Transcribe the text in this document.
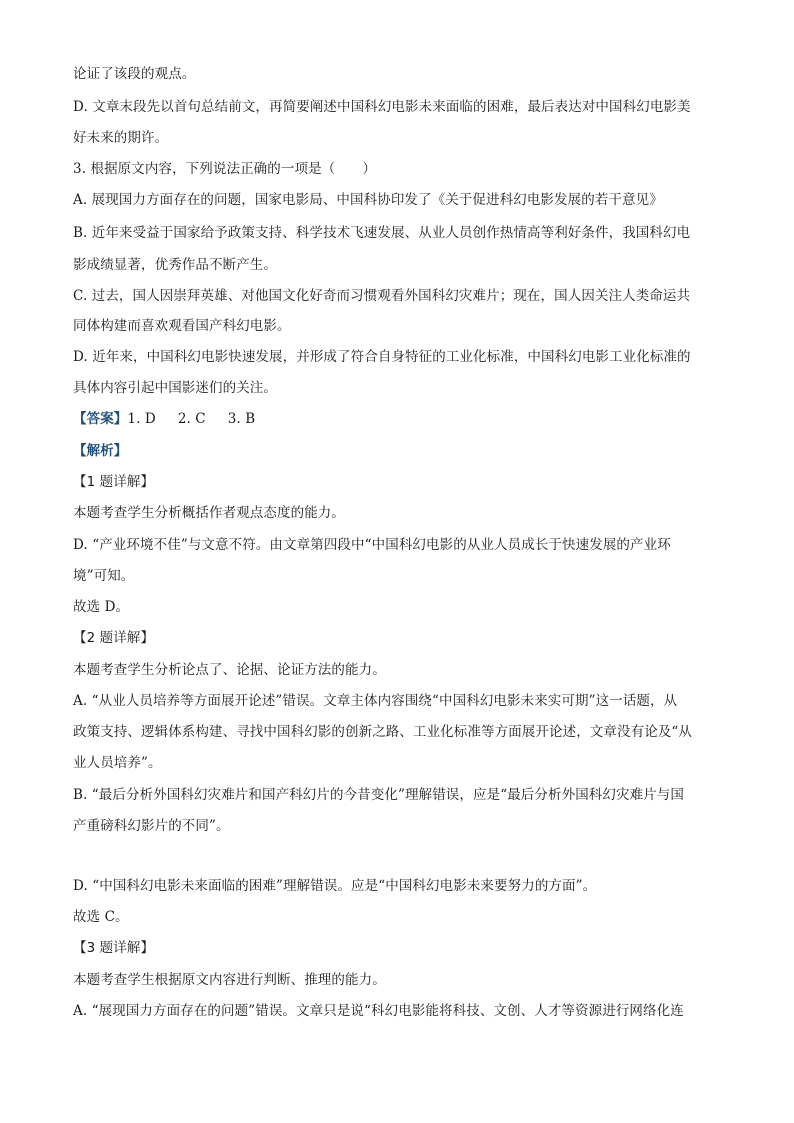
论证了该段的观点。
D. 文章末段先以首句总结前文，再简要阐述中国科幻电影未来面临的困难，最后表达对中国科幻电影美
好未来的期许。
3. 根据原文内容，下列说法正确的一项是（　　）
A. 展现国力方面存在的问题，国家电影局、中国科协印发了《关于促进科幻电影发展的若干意见》
B. 近年来受益于国家给予政策支持、科学技术飞速发展、从业人员创作热情高等利好条件，我国科幻电
影成绩显著，优秀作品不断产生。
C. 过去，国人因崇拜英雄、对他国文化好奇而习惯观看外国科幻灾难片；现在，国人因关注人类命运共
同体构建而喜欢观看国产科幻电影。
D. 近年来，中国科幻电影快速发展，并形成了符合自身特征的工业化标准，中国科幻电影工业化标准的
具体内容引起中国影迷们的关注。
【答案】1. D 2. C 3. B
【解析】
【1 题详解】
本题考查学生分析概括作者观点态度的能力。
D. “产业环境不佳”与文意不符。由文章第四段中“中国科幻电影的从业人员成长于快速发展的产业环
境”可知。
故选 D。
【2 题详解】
本题考查学生分析论点了、论据、论证方法的能力。
A. “从业人员培养等方面展开论述”错误。文章主体内容围绕“中国科幻电影未来实可期”这一话题，从
政策支持、逻辑体系构建、寻找中国科幻影的创新之路、工业化标准等方面展开论述，文章没有论及“从
业人员培养”。
B. “最后分析外国科幻灾难片和国产科幻片的今昔变化”理解错误，应是“最后分析外国科幻灾难片与国
产重磅科幻影片的不同”。
D. “中国科幻电影未来面临的困难”理解错误。应是“中国科幻电影未来要努力的方面”。
故选 C。
【3 题详解】
本题考查学生根据原文内容进行判断、推理的能力。
A. “展现国力方面存在的问题”错误。文章只是说“科幻电影能将科技、文创、人才等资源进行网络化连
